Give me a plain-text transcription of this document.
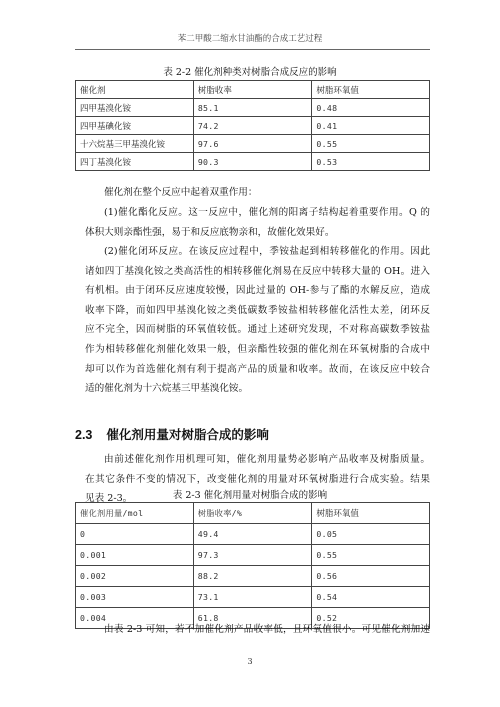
苯二甲酸二缩水甘油酯的合成工艺过程
表 2-2 催化剂种类对树脂合成反应的影响
催化剂	树脂收率	树脂环氧值
四甲基溴化铵	85.1	0.48
四甲基碘化铵	74.2	0.41
十六烷基三甲基溴化铵	97.6	0.55
四丁基溴化铵	90.3	0.53
催化剂在整个反应中起着双重作用：
(1)催化酯化反应。这一反应中，催化剂的阳离子结构起着重要作用。Q 的
体积大则亲酯性强，易于和反应底物亲和，故催化效果好。
(2)催化闭环反应。在该反应过程中，季铵盐起到相转移催化的作用。因此
诸如四丁基溴化铵之类高活性的相转移催化剂易在反应中转移大量的 OH。进入
有机相。由于闭环反应速度较慢，因此过量的 OH-参与了酯的水解反应，造成
收率下降，而如四甲基溴化铵之类低碳数季铵盐相转移催化活性太差，闭环反
应不完全，因而树脂的环氧值较低。通过上述研究发现，不对称高碳数季铵盐
作为相转移催化剂催化效果一般，但亲酯性较强的催化剂在环氧树脂的合成中
却可以作为首选催化剂有利于提高产品的质量和收率。故而，在该反应中较合
适的催化剂为十六烷基三甲基溴化铵。
2.3 催化剂用量对树脂合成的影响
由前述催化剂作用机理可知，催化剂用量势必影响产品收率及树脂质量。
在其它条件不变的情况下，改变催化剂的用量对环氧树脂进行合成实验。结果
见表 2-3。	表 2-3 催化剂用量对树脂合成的影响
催化剂用量/mol	树脂收率/%	树脂环氧值
0	49.4	0.05
0.001	97.3	0.55
0.002	88.2	0.56
0.003	73.1	0.54
0.004	61.8	0.52
由表 2-3 可知，若不加催化剂产品收率低，且环氧值很小。可见催化剂加速
3
